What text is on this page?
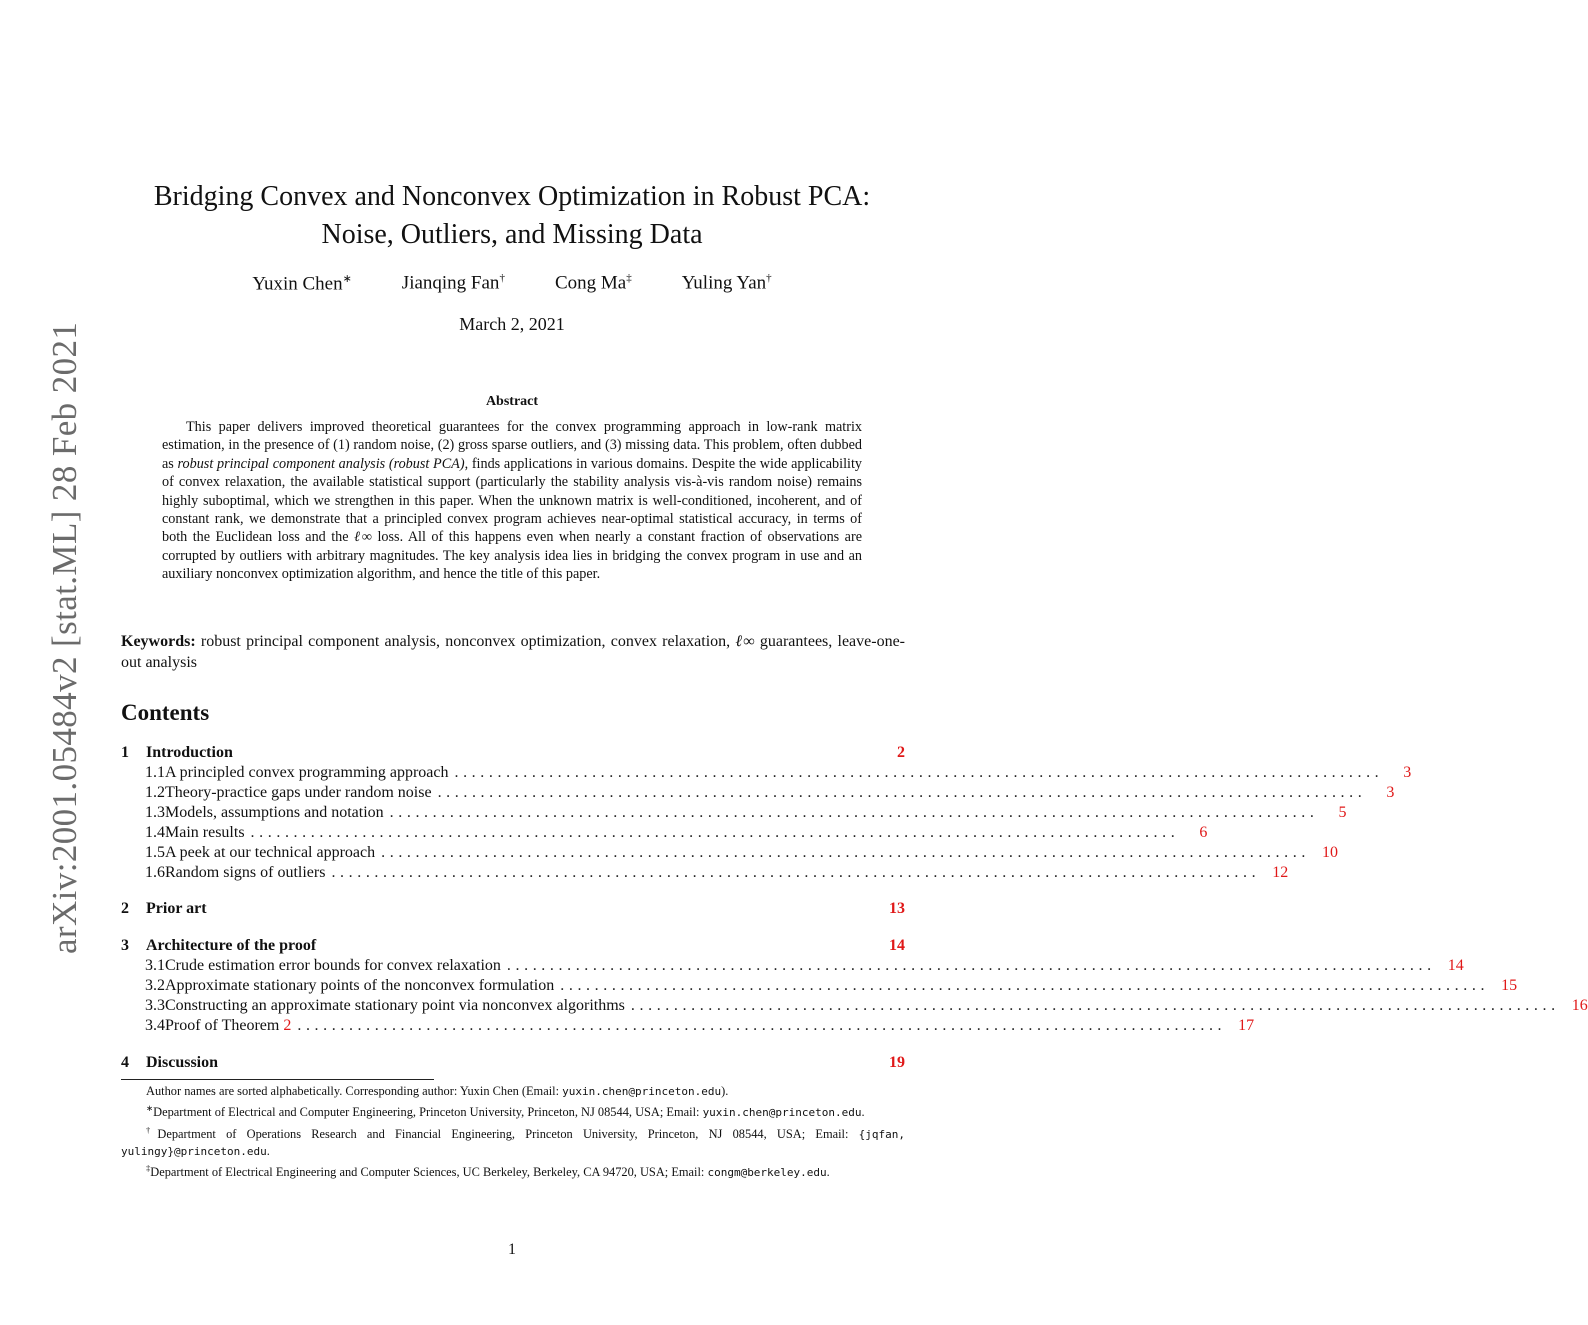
arXiv:2001.05484v2 [stat.ML] 28 Feb 2021
Bridging Convex and Nonconvex Optimization in Robust PCA:
Noise, Outliers, and Missing Data
Yuxin Chen∗	Jianqing Fan†	Cong Ma‡	Yuling Yan†
March 2, 2021
Abstract
This paper delivers improved theoretical guarantees for the convex programming approach in low-rank matrix estimation, in the presence of (1) random noise, (2) gross sparse outliers, and (3) missing data. This problem, often dubbed as robust principal component analysis (robust PCA), finds applications in various domains. Despite the wide applicability of convex relaxation, the available statistical support (particularly the stability analysis vis-à-vis random noise) remains highly suboptimal, which we strengthen in this paper. When the unknown matrix is well-conditioned, incoherent, and of constant rank, we demonstrate that a principled convex program achieves near-optimal statistical accuracy, in terms of both the Euclidean loss and the ℓ∞ loss. All of this happens even when nearly a constant fraction of observations are corrupted by outliers with arbitrary magnitudes. The key analysis idea lies in bridging the convex program in use and an auxiliary nonconvex optimization algorithm, and hence the title of this paper.
Keywords: robust principal component analysis, nonconvex optimization, convex relaxation, ℓ∞ guarantees, leave-one-out analysis
Contents
1	Introduction	2
1.1 A principled convex programming approach ............................................................................................................	3
1.2 Theory-practice gaps under random noise ............................................................................................................	3
1.3 Models, assumptions and notation ............................................................................................................	5
1.4 Main results ............................................................................................................	6
1.5 A peek at our technical approach ............................................................................................................ 10
1.6 Random signs of outliers ............................................................................................................ 12
2	Prior art	13
3	Architecture of the proof	14
3.1 Crude estimation error bounds for convex relaxation ............................................................................................................ 14
3.2 Approximate stationary points of the nonconvex formulation ............................................................................................................ 15
3.3 Constructing an approximate stationary point via nonconvex algorithms ............................................................................................................ 16
3.4 Proof of Theorem 2 ............................................................................................................ 17
4	Discussion	19
Author names are sorted alphabetically. Corresponding author: Yuxin Chen (Email: yuxin.chen@princeton.edu).
∗Department of Electrical and Computer Engineering, Princeton University, Princeton, NJ 08544, USA; Email: yuxin.chen@princeton.edu.
†Department of Operations Research and Financial Engineering, Princeton University, Princeton, NJ 08544, USA; Email: {jqfan, yulingy}@princeton.edu.
‡Department of Electrical Engineering and Computer Sciences, UC Berkeley, Berkeley, CA 94720, USA; Email: congm@berkeley.edu.
1
